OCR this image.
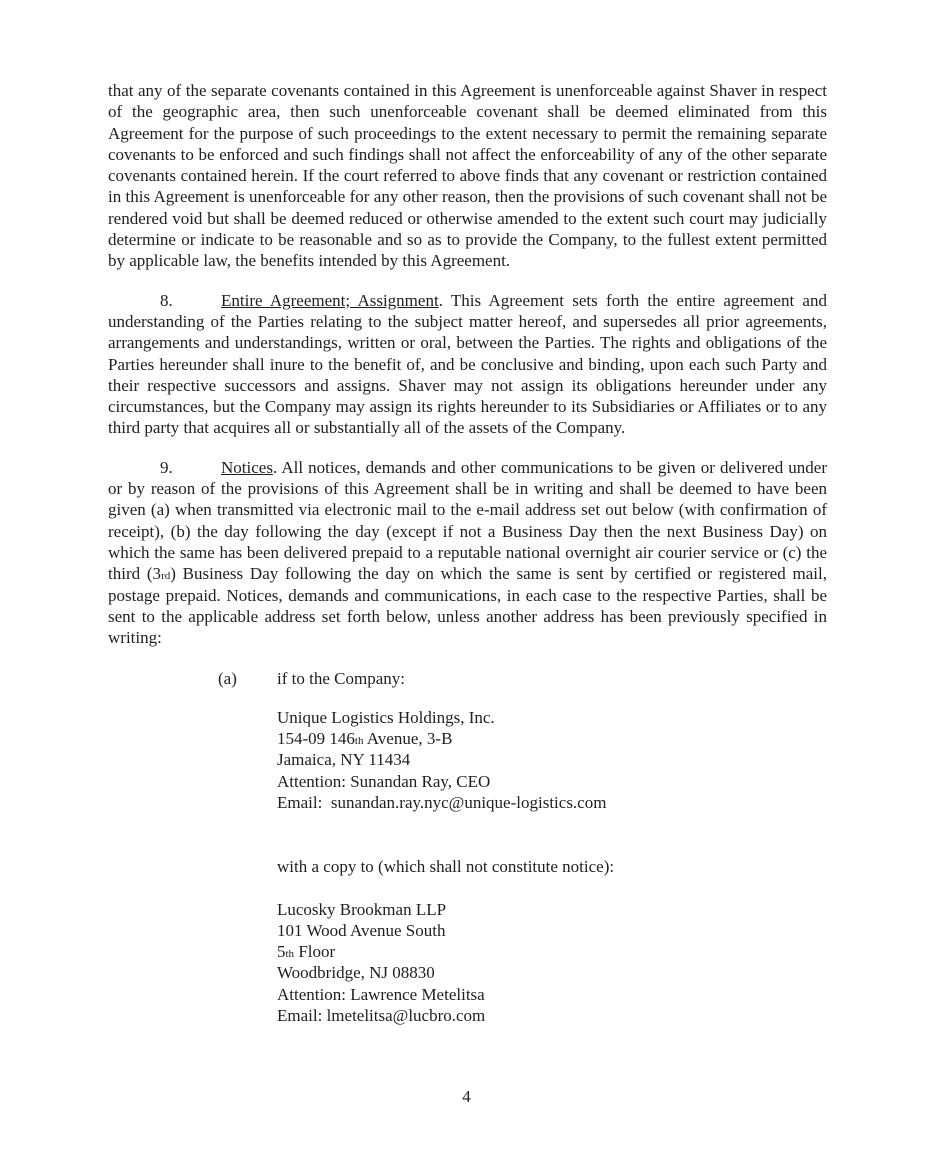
that any of the separate covenants contained in this Agreement is unenforceable against Shaver in respect of the geographic area, then such unenforceable covenant shall be deemed eliminated from this Agreement for the purpose of such proceedings to the extent necessary to permit the remaining separate covenants to be enforced and such findings shall not affect the enforceability of any of the other separate covenants contained herein. If the court referred to above finds that any covenant or restriction contained in this Agreement is unenforceable for any other reason, then the provisions of such covenant shall not be rendered void but shall be deemed reduced or otherwise amended to the extent such court may judicially determine or indicate to be reasonable and so as to provide the Company, to the fullest extent permitted by applicable law, the benefits intended by this Agreement.

8.	Entire Agreement; Assignment. This Agreement sets forth the entire agreement and understanding of the Parties relating to the subject matter hereof, and supersedes all prior agreements, arrangements and understandings, written or oral, between the Parties. The rights and obligations of the Parties hereunder shall inure to the benefit of, and be conclusive and binding, upon each such Party and their respective successors and assigns. Shaver may not assign its obligations hereunder under any circumstances, but the Company may assign its rights hereunder to its Subsidiaries or Affiliates or to any third party that acquires all or substantially all of the assets of the Company.

9.	Notices. All notices, demands and other communications to be given or delivered under or by reason of the provisions of this Agreement shall be in writing and shall be deemed to have been given (a) when transmitted via electronic mail to the e-mail address set out below (with confirmation of receipt), (b) the day following the day (except if not a Business Day then the next Business Day) on which the same has been delivered prepaid to a reputable national overnight air courier service or (c) the third (3rd) Business Day following the day on which the same is sent by certified or registered mail, postage prepaid. Notices, demands and communications, in each case to the respective Parties, shall be sent to the applicable address set forth below, unless another address has been previously specified in writing:

(a) if to the Company:
Unique Logistics Holdings, Inc.
154-09 146th Avenue, 3-B
Jamaica, NY 11434
Attention: Sunandan Ray, CEO
Email:  sunandan.ray.nyc@unique-logistics.com
with a copy to (which shall not constitute notice):
Lucosky Brookman LLP
101 Wood Avenue South
5th Floor
Woodbridge, NJ 08830
Attention: Lawrence Metelitsa
Email: lmetelitsa@lucbro.com
4
